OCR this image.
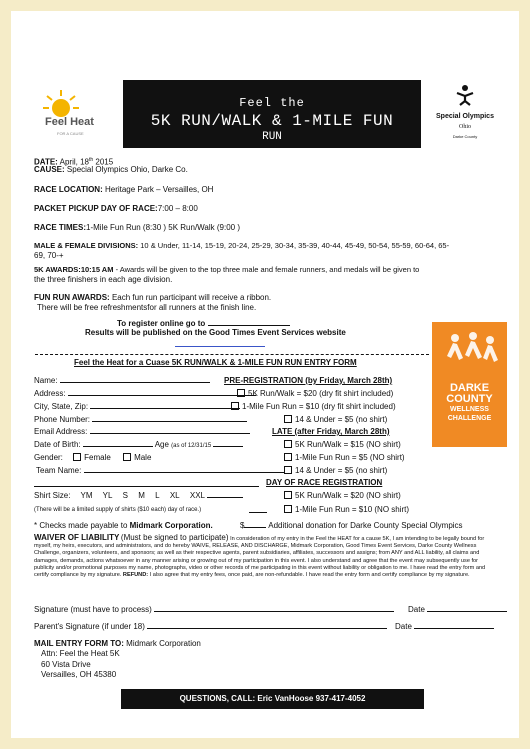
Feel Heat
FOR A CAUSE
Feel the
5K RUN/WALK & 1-MILE FUN
RUN
Special Olympics
Ohio
Darke County
DATE: April, 18th 2015
CAUSE: Special Olympics Ohio, Darke Co.
RACE LOCATION: Heritage Park – Versailles, OH
PACKET PICKUP DAY OF RACE:7:00 – 8:00
RACE TIMES:1-Mile Fun Run (8:30 ) 5K Run/Walk (9:00 )
MALE & FEMALE DIVISIONS: 10 & Under, 11-14, 15-19, 20-24, 25-29, 30-34, 35-39, 40-44, 45-49, 50-54, 55-59, 60-64, 65-
69, 70-+
5K AWARDS:10:15 AM - Awards will be given to the top three male and female runners, and medals will be given to
the three finishers in each age division.
FUN RUN AWARDS: Each fun run participant will receive a ribbon.
There will be free refreshmentsfor all runners at the finish line.
To register online go to
Results will be published on the Good Times Event Services website
DARKE
COUNTY
WELLNESS
CHALLENGE
Feel the Heat for a Cuase 5K RUN/WALK & 1-MILE FUN RUN ENTRY FORM
Name:	PRE-REGISTRATION (by Friday, March 28th)
Address:	5K Run/Walk = $20 (dry fit shirt included)
City, State, Zip:	1-Mile Fun Run = $10 (dry fit shirt included)
Phone Number:	14 & Under = $5 (no shirt)
Email Address:	LATE (after Friday, March 28th)
Date of Birth:	Age (as of 12/31/15	5K Run/Walk = $15 (NO shirt)
Gender:	Female	Male	1-Mile Fun Run = $5 (NO shirt)
Team Name:	14 & Under = $5 (no shirt)
DAY OF RACE REGISTRATION
Shirt Size: YM YL S M L XL XXL	5K Run/Walk = $20 (NO shirt)
(There will be a limited supply of shirts ($10 each) day of race.)	1-Mile Fun Run = $10 (NO shirt)
* Checks made payable to Midmark Corporation.	$	Additional donation for Darke County Special Olympics
WAIVER OF LIABILITY (Must be signed to participate) In consideration of my entry in the Feel the HEAT for a cause 5K, I am intending to be legally bound for myself, my heirs, executors, and administrators, and do hereby WAIVE, RELEASE, AND DISCHARGE, Midmark Corporation, Good Times Event Services, Darke County Wellness Challenge, organizers, volunteers, and sponsors; as well as their respective agents, parent subsidiaries, affiliates, successors and assigns; from ANY and ALL liability, all claims and damages, demands, actions whatsoever in any manner arising or growing out of my participation in this event. I also understand and agree that the event may subsequently use for publicity and/or promotional purposes my name, photographs, video or other records of me participating in this event without liability or obligation to me. I have read the entry form and certify compliance by my signature. REFUND: I also agree that my entry fees, once paid, are non-refundable. I have read the entry form and certify compliance by my signature.
Signature (must have to process)	Date
Parent's Signature (if under 18)	Date
MAIL ENTRY FORM TO: Midmark Corporation
Attn: Feel the Heat 5K
60 Vista Drive
Versailles, OH 45380
QUESTIONS, CALL: Eric VanHoose 937-417-4052
